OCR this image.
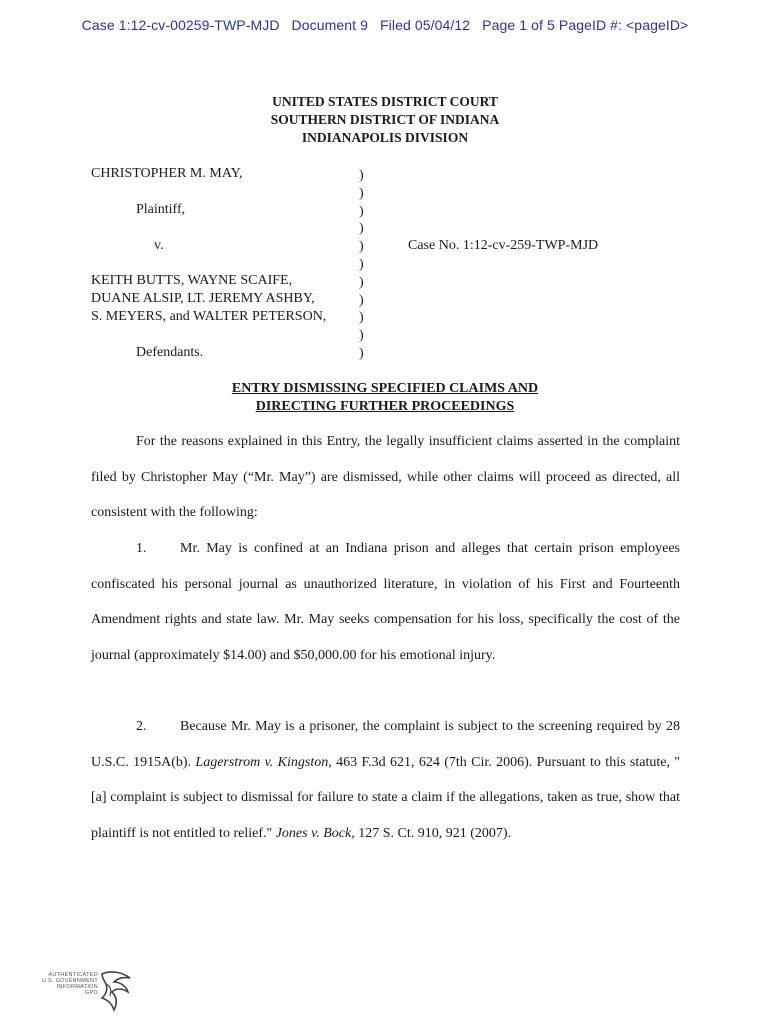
Case 1:12-cv-00259-TWP-MJD Document 9 Filed 05/04/12 Page 1 of 5 PageID #: <pageID>
UNITED STATES DISTRICT COURT
SOUTHERN DISTRICT OF INDIANA
INDIANAPOLIS DIVISION
CHRISTOPHER M. MAY,
Plaintiff,
v.
KEITH BUTTS, WAYNE SCAIFE,
DUANE ALSIP, LT. JEREMY ASHBY,
S. MEYERS, and WALTER PETERSON,
Defendants.
)
)
)
)
)
)
)
)
)
)
)
Case No. 1:12-cv-259-TWP-MJD
ENTRY DISMISSING SPECIFIED CLAIMS AND
DIRECTING FURTHER PROCEEDINGS
For the reasons explained in this Entry, the legally insufficient claims asserted in the complaint filed by Christopher May (“Mr. May”) are dismissed, while other claims will proceed as directed, all consistent with the following:
1. Mr. May is confined at an Indiana prison and alleges that certain prison employees confiscated his personal journal as unauthorized literature, in violation of his First and Fourteenth Amendment rights and state law. Mr. May seeks compensation for his loss, specifically the cost of the journal (approximately $14.00) and $50,000.00 for his emotional injury.
2. Because Mr. May is a prisoner, the complaint is subject to the screening required by 28 U.S.C. 1915A(b). Lagerstrom v. Kingston, 463 F.3d 621, 624 (7th Cir. 2006). Pursuant to this statute, "[a] complaint is subject to dismissal for failure to state a claim if the allegations, taken as true, show that plaintiff is not entitled to relief." Jones v. Bock, 127 S. Ct. 910, 921 (2007).
AUTHENTICATED
U.S. GOVERNMENT
INFORMATION
GPO
